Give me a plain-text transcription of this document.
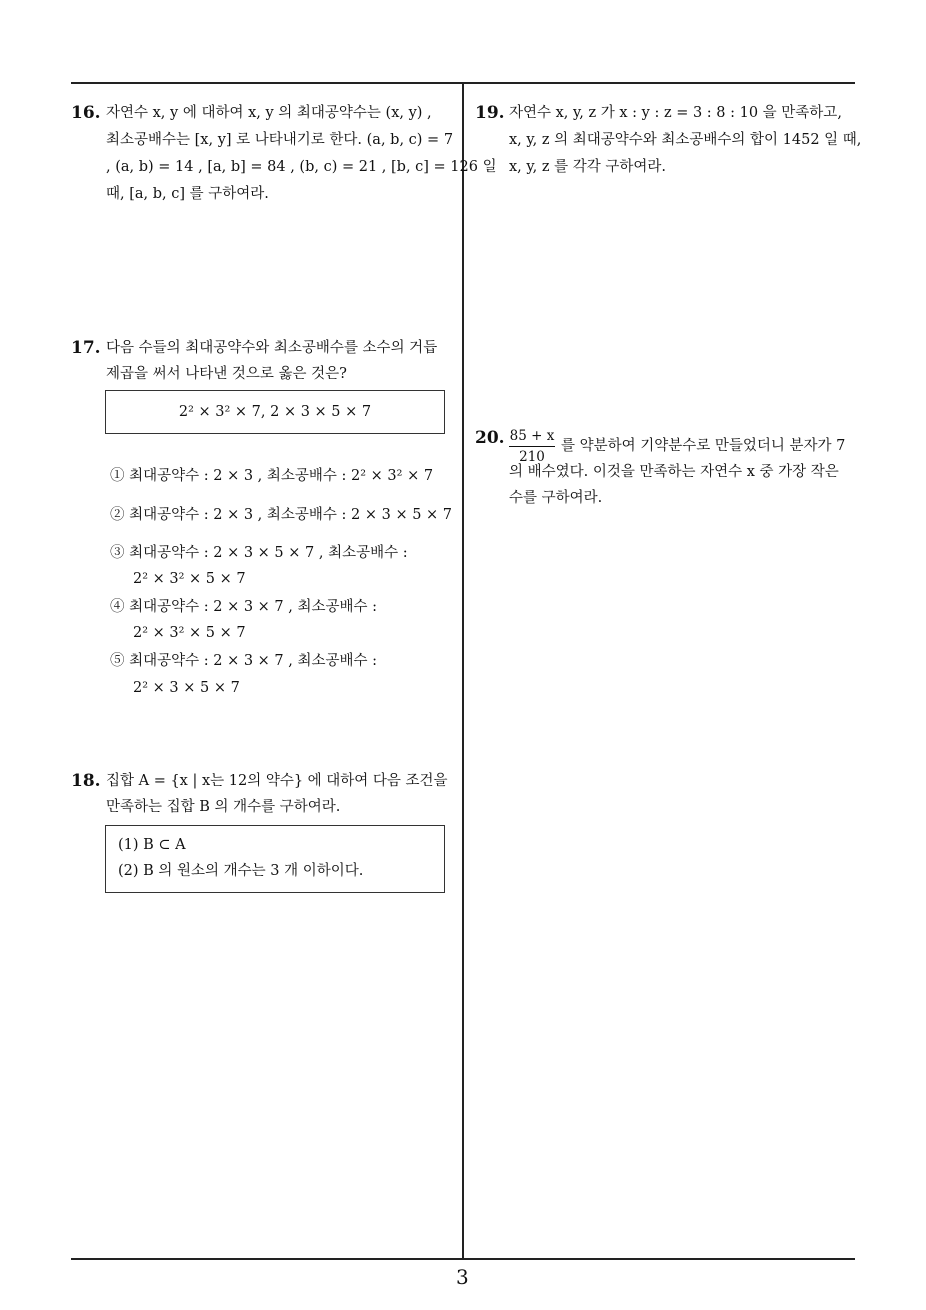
16. 자연수 x, y 에 대하여 x, y 의 최대공약수는 (x, y) ,
최소공배수는 [x, y] 로 나타내기로 한다. (a, b, c) = 7
, (a, b) = 14 , [a, b] = 84 , (b, c) = 21 , [b, c] = 126 일
때, [a, b, c] 를 구하여라.
17. 다음 수들의 최대공약수와 최소공배수를 소수의 거듭
제곱을 써서 나타낸 것으로 옳은 것은?
2² × 3² × 7, 2 × 3 × 5 × 7
① 최대공약수 : 2 × 3 , 최소공배수 : 2² × 3² × 7
② 최대공약수 : 2 × 3 , 최소공배수 : 2 × 3 × 5 × 7
③ 최대공약수 : 2 × 3 × 5 × 7 , 최소공배수 :
2² × 3² × 5 × 7
④ 최대공약수 : 2 × 3 × 7 , 최소공배수 :
2² × 3² × 5 × 7
⑤ 최대공약수 : 2 × 3 × 7 , 최소공배수 :
2² × 3 × 5 × 7
18. 집합 A = {x | x는 12의 약수} 에 대하여 다음 조건을
만족하는 집합 B 의 개수를 구하여라.
(1) B ⊂ A
(2) B 의 원소의 개수는 3 개 이하이다.
19. 자연수 x, y, z 가 x : y : z = 3 : 8 : 10 을 만족하고,
x, y, z 의 최대공약수와 최소공배수의 합이 1452 일 때,
x, y, z 를 각각 구하여라.
20. 85 + x
210
를 약분하여 기약분수로 만들었더니 분자가 7
의 배수였다. 이것을 만족하는 자연수 x 중 가장 작은
수를 구하여라.
3
